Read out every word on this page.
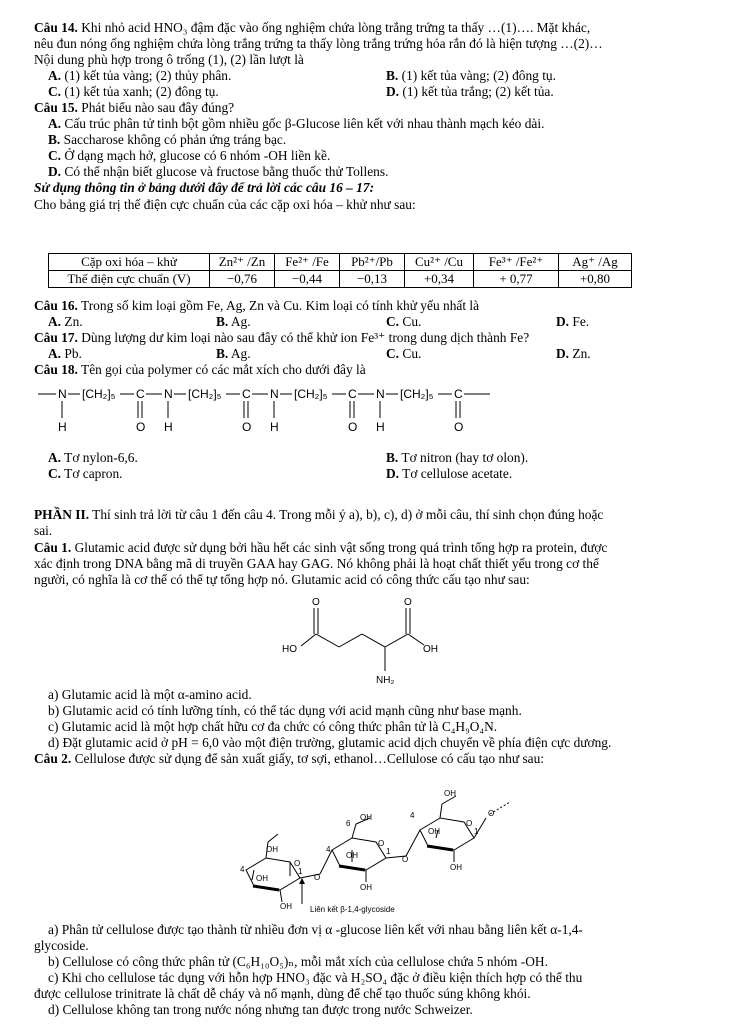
Câu 14. Khi nhỏ acid HNO₃ đậm đặc vào ống nghiệm chứa lòng trắng trứng ta thấy …(1)…. Mặt khác,
nêu đun nóng ống nghiệm chứa lòng trắng trứng ta thấy lòng trắng trứng hóa rắn đó là hiện tượng …(2)…
Nội dung phù hợp trong ô trống (1), (2) lần lượt là
A. (1) kết tủa vàng; (2) thủy phân.	B. (1) kết tủa vàng; (2) đông tụ.
C. (1) kết tủa xanh; (2) đông tụ.	D. (1) kết tủa trắng; (2) kết tủa.
Câu 15. Phát biểu nào sau đây đúng?
A. Cấu trúc phân tử tinh bột gồm nhiều gốc β-Glucose liên kết với nhau thành mạch kéo dài.
B. Saccharose không có phản ứng tráng bạc.
C. Ở dạng mạch hở, glucose có 6 nhóm -OH liền kề.
D. Có thể nhận biết glucose và fructose bằng thuốc thử Tollens.
Sử dụng thông tin ở bảng dưới đây để trả lời các câu 16 – 17:
Cho bảng giá trị thế điện cực chuẩn của các cặp oxi hóa – khử như sau:
Cặp oxi hóa – khử	Zn²⁺ /Zn	Fe²⁺ /Fe	Pb²⁺/Pb	Cu²⁺ /Cu	Fe³⁺ /Fe²⁺	Ag⁺ /Ag
Thế điện cực chuẩn (V)	−0,76	−0,44	−0,13	+0,34	+ 0,77	+0,80
Câu 16. Trong số kim loại gồm Fe, Ag, Zn và Cu. Kim loại có tính khử yếu nhất là
A. Zn.	B. Ag.	C. Cu.	D. Fe.
Câu 17. Dùng lượng dư kim loại nào sau đây có thể khử ion Fe³⁺ trong dung dịch thành Fe?
A. Pb.	B. Ag.	C. Cu.	D. Zn.
Câu 18. Tên gọi của polymer có các mắt xích cho dưới đây là
N
H
[CH₂]₅ C
O
N
H
[CH₂]₅ C
O
N
H
[CH₂]₅ C
O
N
H
[CH₂]₅ C
O
A. Tơ nylon-6,6.	B. Tơ nitron (hay tơ olon).
C. Tơ capron.	D. Tơ cellulose acetate.
PHẦN II. Thí sinh trả lời từ câu 1 đến câu 4. Trong mỗi ý a), b), c), d) ở mỗi câu, thí sinh chọn đúng hoặc
sai.
Câu 1. Glutamic acid được sử dụng bởi hầu hết các sinh vật sống trong quá trình tổng hợp ra protein, được
xác định trong DNA bằng mã di truyền GAA hay GAG. Nó không phải là hoạt chất thiết yếu trong cơ thể
người, có nghĩa là cơ thể có thể tự tổng hợp nó. Glutamic acid có công thức cấu tạo như sau:
O	O
HO	OH
NH₂
a) Glutamic acid là một α-amino acid.
b) Glutamic acid có tính lưỡng tính, có thể tác dụng với acid mạnh cũng như base mạnh.
c) Glutamic acid là một hợp chất hữu cơ đa chức có công thức phân tử là C₄H₉O₄N.
d) Đặt glutamic acid ở pH = 6,0 vào một điện trường, glutamic acid dịch chuyển về phía điện cực dương.
Câu 2. Cellulose được sử dụng để sản xuất giấy, tơ sợi, ethanol…Cellulose có cấu tạo như sau:
OH
OH
OH
OH
OH
OH
OH
OH
OH
O
O
O
O
O
O
4
4
4
1
1
1
6
Liên kết β-1,4-glycoside
a) Phân tử cellulose được tạo thành từ nhiều đơn vị α -glucose liên kết với nhau bằng liên kết α-1,4-
glycoside.
b) Cellulose có công thức phân tử (C₆H₁₀O₅)ₙ, mỗi mắt xích của cellulose chứa 5 nhóm -OH.
c) Khi cho cellulose tác dụng với hỗn hợp HNO₃ đặc và H₂SO₄ đặc ở điều kiện thích hợp có thể thu
được cellulose trinitrate là chất dễ cháy và nổ mạnh, dùng để chế tạo thuốc súng không khói.
d) Cellulose không tan trong nước nóng nhưng tan được trong nước Schweizer.
